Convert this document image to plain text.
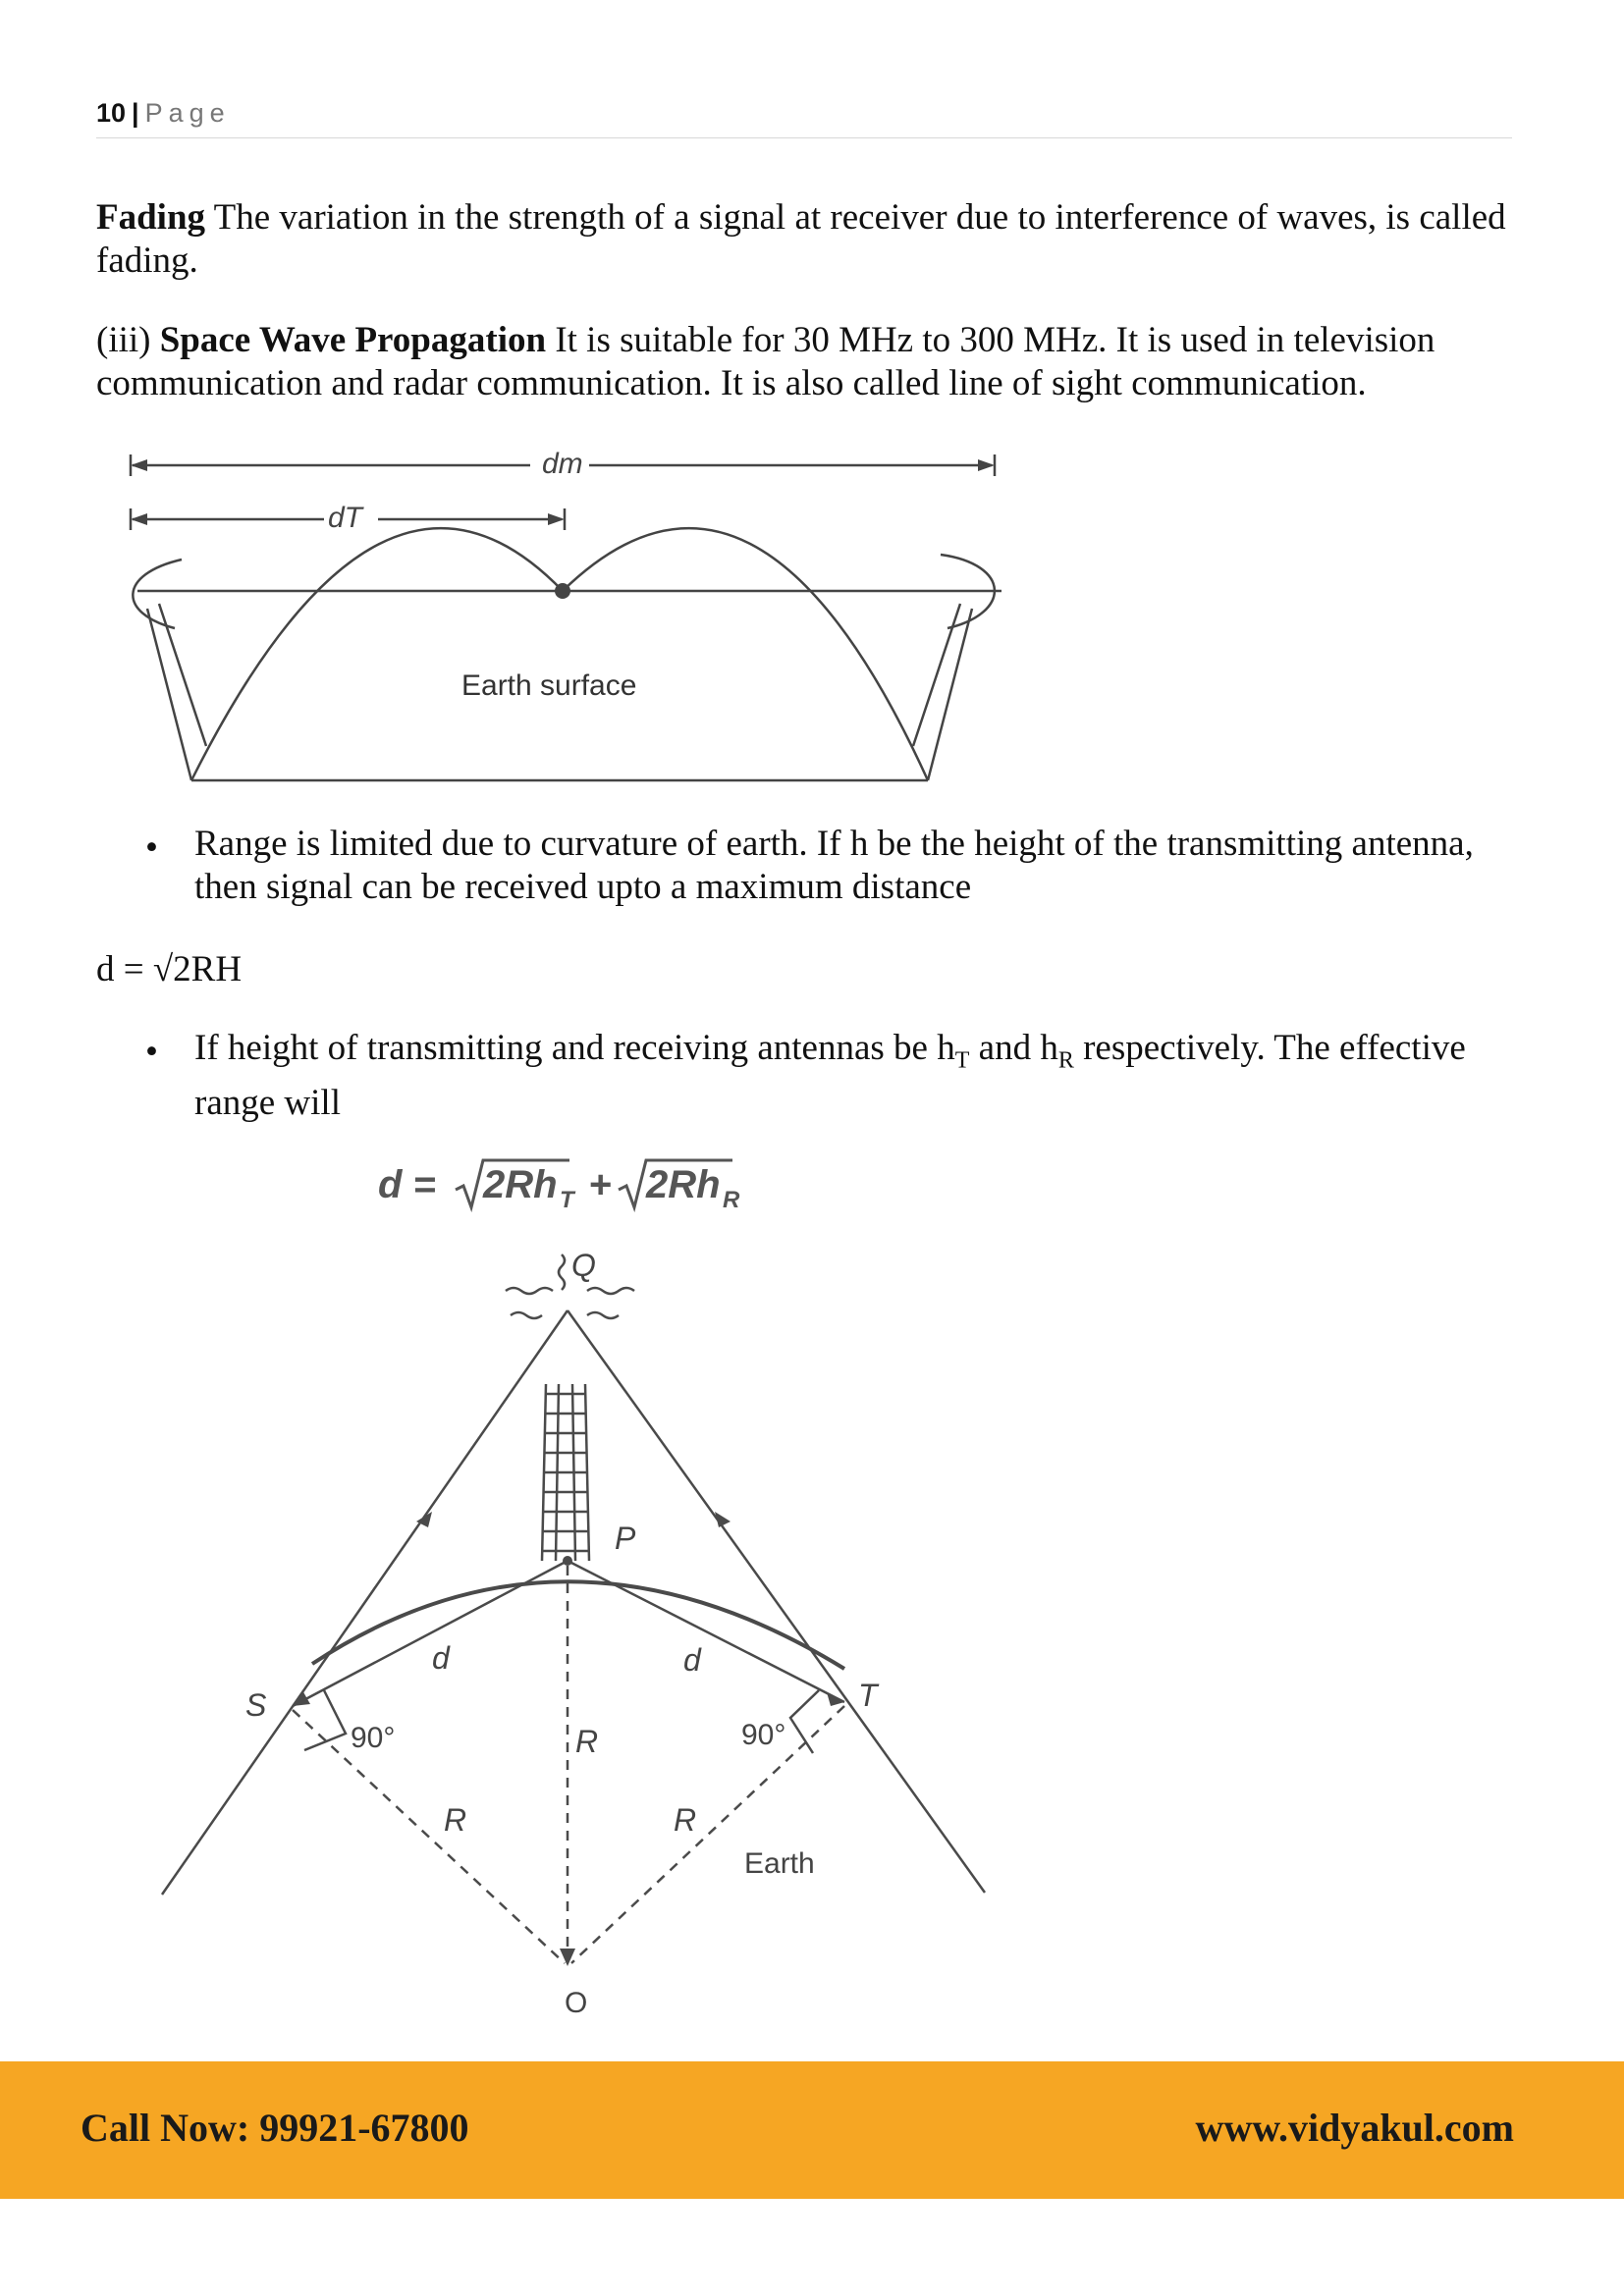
10 | Page

Fading The variation in the strength of a signal at receiver due to interference of waves, is called fading.

(iii) Space Wave Propagation It is suitable for 30 MHz to 300 MHz. It is used in television communication and radar communication. It is also called line of sight communication.

dm
dT
Earth surface
• Range is limited due to curvature of earth. If h be the height of the transmitting antenna, then signal can be received upto a maximum distance

d = √2RH
• If height of transmitting and receiving antennas be $h_T$ and $h_R$ respectively. The effective range will

d = 2Rh T + 2Rh R
Q
P
S	T
d	d
R
R	R
90°	90°
Earth
O
Call Now: 99921-67800	www.vidyakul.com
